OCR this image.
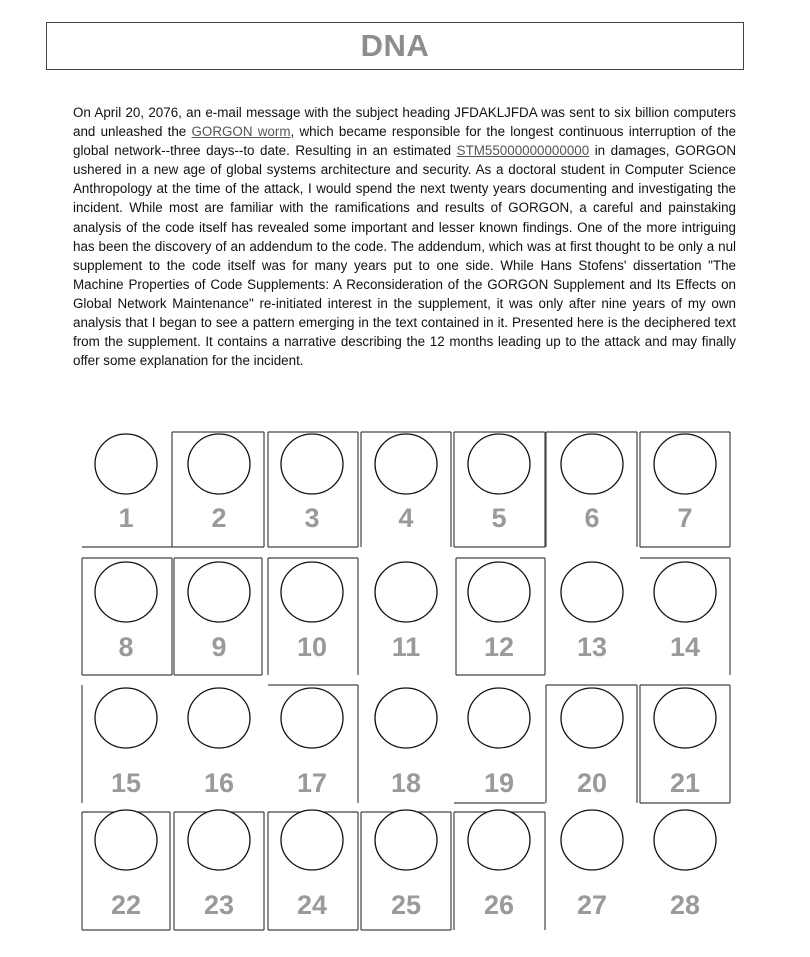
DNA

On April 20, 2076, an e-mail message with the subject heading JFDAKLJFDA was sent to six billion computers and unleashed the GORGON worm, which became responsible for the longest continuous interruption of the global network--three days--to date. Resulting in an estimated STM55000000000000 in damages, GORGON ushered in a new age of global systems architecture and security. As a doctoral student in Computer Science Anthropology at the time of the attack, I would spend the next twenty years documenting and investigating the incident. While most are familiar with the ramifications and results of GORGON, a careful and painstaking analysis of the code itself has revealed some important and lesser known findings. One of the more intriguing has been the discovery of an addendum to the code. The addendum, which was at first thought to be only a nul supplement to the code itself was for many years put to one side. While Hans Stofens' dissertation "The Machine Properties of Code Supplements: A Reconsideration of the GORGON Supplement and Its Effects on Global Network Maintenance" re-initiated interest in the supplement, it was only after nine years of my own analysis that I began to see a pattern emerging in the text contained in it. Presented here is the deciphered text from the supplement. It contains a narrative describing the 12 months leading up to the attack and may finally offer some explanation for the incident.

1	2	3	4	5	6	7
8	9	10 11 12 13 14
15 16 17 18 19 20 21
22 23 24 25 26 27 28
